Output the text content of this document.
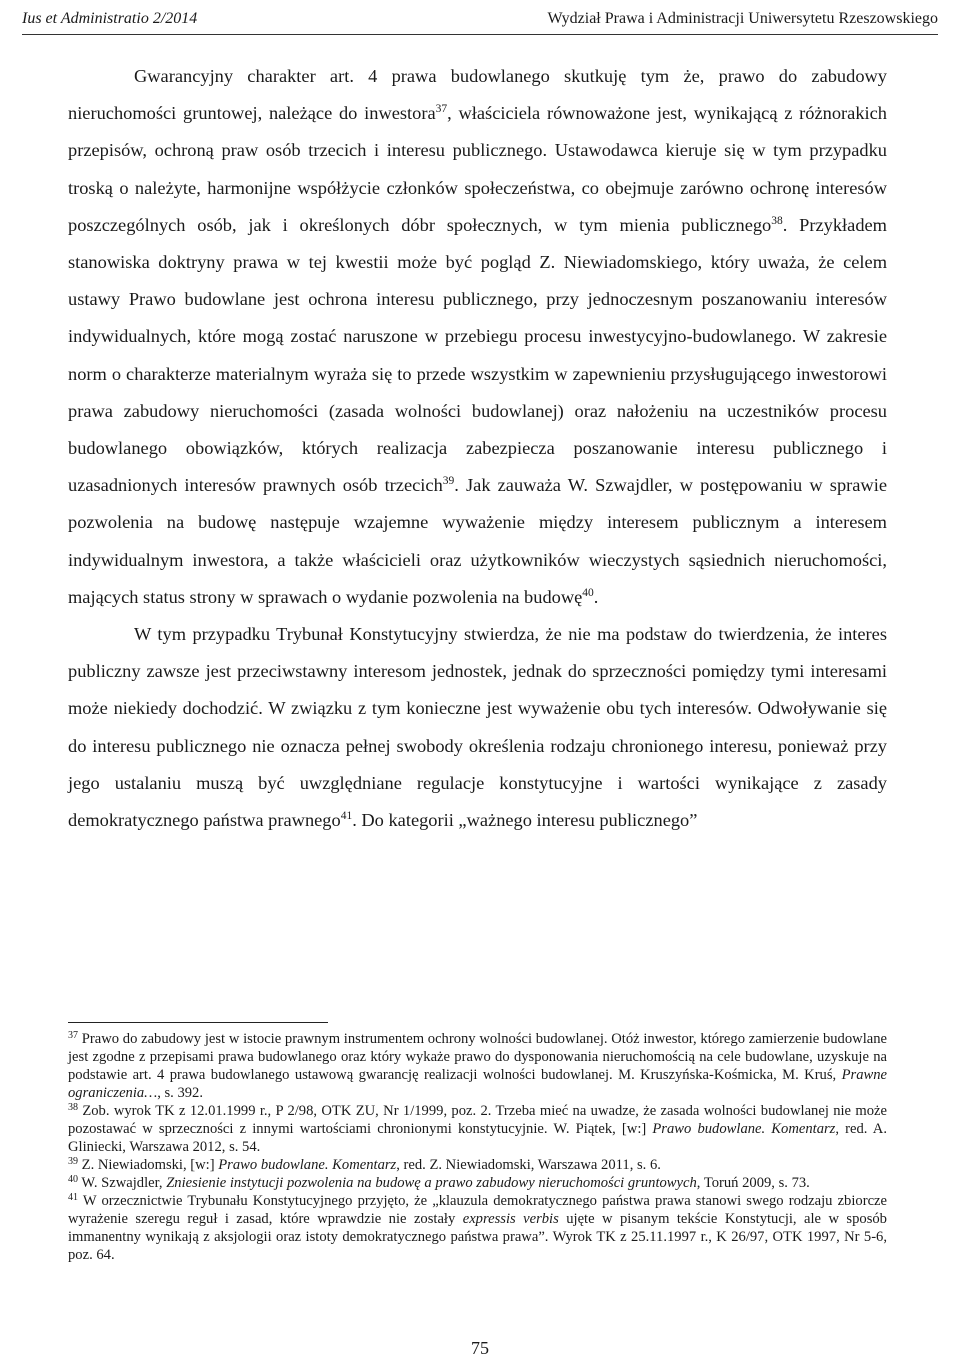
Ius et Administratio 2/2014	Wydział Prawa i Administracji Uniwersytetu Rzeszowskiego

Gwarancyjny charakter art. 4 prawa budowlanego skutkuję tym że, prawo do zabudowy nieruchomości gruntowej, należące do inwestora$^{37}$, właściciela równoważone jest, wynikającą z różnorakich przepisów, ochroną praw osób trzecich i interesu publicznego. Ustawodawca kieruje się w tym przypadku troską o należyte, harmonijne współżycie członków społeczeństwa, co obejmuje zarówno ochronę interesów poszczególnych osób, jak i określonych dóbr społecznych, w tym mienia publicznego$^{38}$. Przykładem stanowiska doktryny prawa w tej kwestii może być pogląd Z. Niewiadomskiego, który uważa, że celem ustawy Prawo budowlane jest ochrona interesu publicznego, przy jednoczesnym poszanowaniu interesów indywidualnych, które mogą zostać naruszone w przebiegu procesu inwestycyjno-budowlanego. W zakresie norm o charakterze materialnym wyraża się to przede wszystkim w zapewnieniu przysługującego inwestorowi prawa zabudowy nieruchomości (zasada wolności budowlanej) oraz nałożeniu na uczestników procesu budowlanego obowiązków, których realizacja zabezpiecza poszanowanie interesu publicznego i uzasadnionych interesów prawnych osób trzecich$^{39}$. Jak zauważa W. Szwajdler, w postępowaniu w sprawie pozwolenia na budowę następuje wzajemne wyważenie między interesem publicznym a interesem indywidualnym inwestora, a także właścicieli oraz użytkowników wieczystych sąsiednich nieruchomości, mających status strony w sprawach o wydanie pozwolenia na budowę$^{40}$.

W tym przypadku Trybunał Konstytucyjny stwierdza, że nie ma podstaw do twierdzenia, że interes publiczny zawsze jest przeciwstawny interesom jednostek, jednak do sprzeczności pomiędzy tymi interesami może niekiedy dochodzić. W związku z tym konieczne jest wyważenie obu tych interesów. Odwoływanie się do interesu publicznego nie oznacza pełnej swobody określenia rodzaju chronionego interesu, ponieważ przy jego ustalaniu muszą być uwzględniane regulacje konstytucyjne i wartości wynikające z zasady demokratycznego państwa prawnego$^{41}$. Do kategorii „ważnego interesu publicznego”

$^{37}$ Prawo do zabudowy jest w istocie prawnym instrumentem ochrony wolności budowlanej. Otóż inwestor, którego zamierzenie budowlane jest zgodne z przepisami prawa budowlanego oraz który wykaże prawo do dysponowania nieruchomością na cele budowlane, uzyskuje na podstawie art. 4 prawa budowlanego ustawową gwarancję realizacji wolności budowlanej. M. Kruszyńska-Kośmicka, M. Kruś, Prawne ograniczenia…, s. 392.

$^{38}$ Zob. wyrok TK z 12.01.1999 r., P 2/98, OTK ZU, Nr 1/1999, poz. 2. Trzeba mieć na uwadze, że zasada wolności budowlanej nie może pozostawać w sprzeczności z innymi wartościami chronionymi konstytucyjnie. W. Piątek, [w:] Prawo budowlane. Komentarz, red. A. Gliniecki, Warszawa 2012, s. 54.

$^{39}$ Z. Niewiadomski, [w:] Prawo budowlane. Komentarz, red. Z. Niewiadomski, Warszawa 2011, s. 6.

$^{40}$ W. Szwajdler, Zniesienie instytucji pozwolenia na budowę a prawo zabudowy nieruchomości gruntowych, Toruń 2009, s. 73.

$^{41}$ W orzecznictwie Trybunału Konstytucyjnego przyjęto, że „klauzula demokratycznego państwa prawa stanowi swego rodzaju zbiorcze wyrażenie szeregu reguł i zasad, które wprawdzie nie zostały expressis verbis ujęte w pisanym tekście Konstytucji, ale w sposób immanentny wynikają z aksjologii oraz istoty demokratycznego państwa prawa”. Wyrok TK z 25.11.1997 r., K 26/97, OTK 1997, Nr 5-6, poz. 64.

75
